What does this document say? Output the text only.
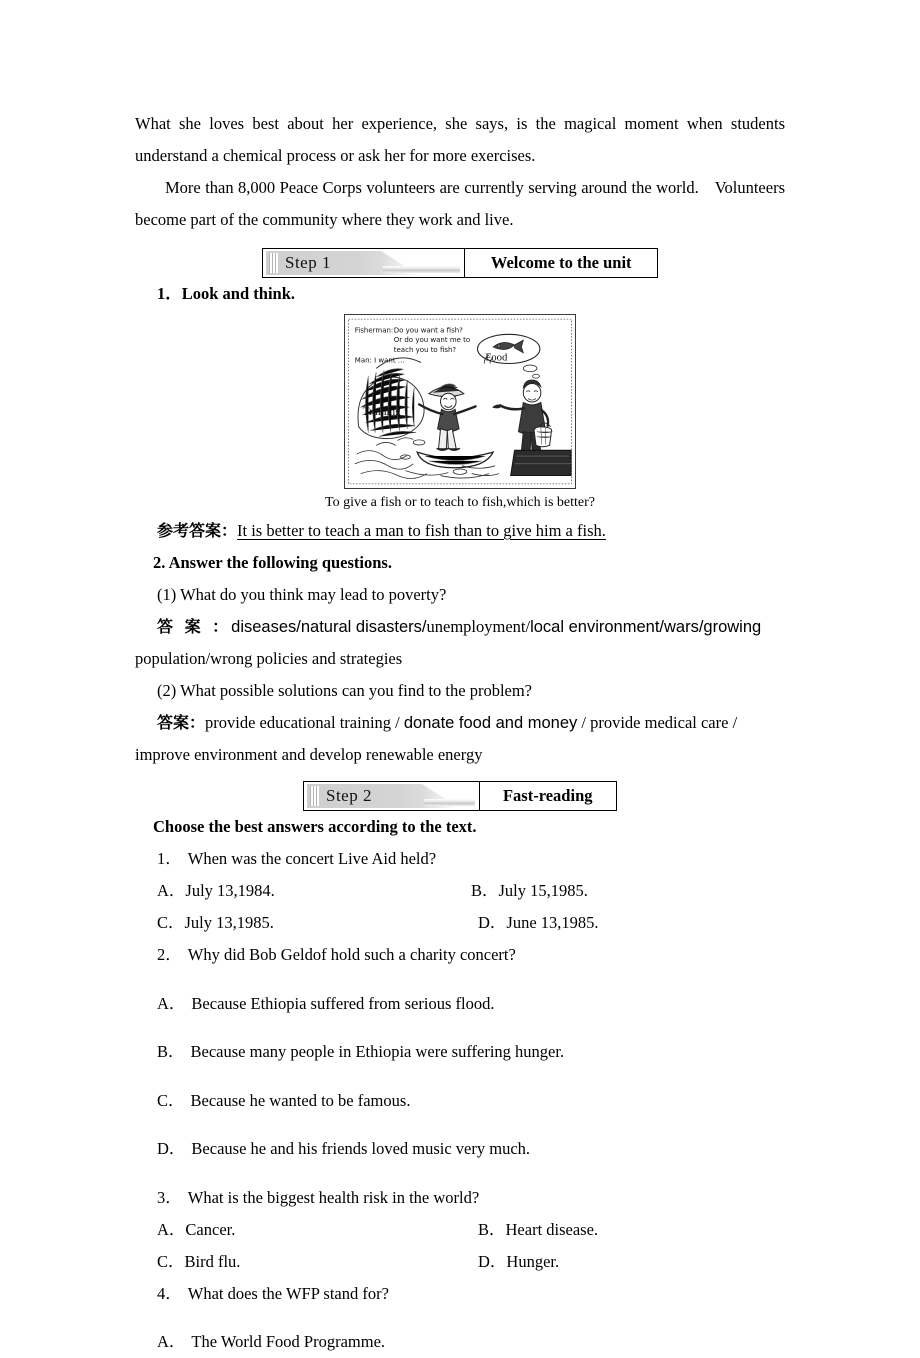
What she loves best about her experience, she says, is the magical moment when students understand a chemical process or ask her for more exercises.

More than 8,000 Peace Corps volunteers are currently serving around the world. Volunteers become part of the community where they work and live.

Step 1	Welcome to the unit

1．Look and think.

Fisherman: Do you want a fish?
Or do you want me to
teach you to fish?
Man: I want ...	Food
Training
To give a fish or to teach to fish,which is better?

参考答案：It is better to teach a man to fish than to give him a fish.

2. Answer the following questions.

(1) What do you think may lead to poverty?

答 案 ：diseases/natural disasters/unemployment/local environment/wars/growing

population/wrong policies and strategies

(2) What possible solutions can you find to the problem?

答案：provide educational training / donate food and money / provide medical care /

improve environment and develop renewable energy

Step 2	Fast-reading

Choose the best answers according to the text.

1． When was the concert Live Aid held?

A．July 13,1984.	B．July 15,1985.
C．July 13,1985.	D．June 13,1985.

2． Why did Bob Geldof hold such a charity concert?

A． Because Ethiopia suffered from serious flood.

B． Because many people in Ethiopia were suffering hunger.

C． Because he wanted to be famous.

D． Because he and his friends loved music very much.

3． What is the biggest health risk in the world?

A．Cancer.	B．Heart disease.
C．Bird flu.	D．Hunger.

4． What does the WFP stand for?

A． The World Food Programme.
